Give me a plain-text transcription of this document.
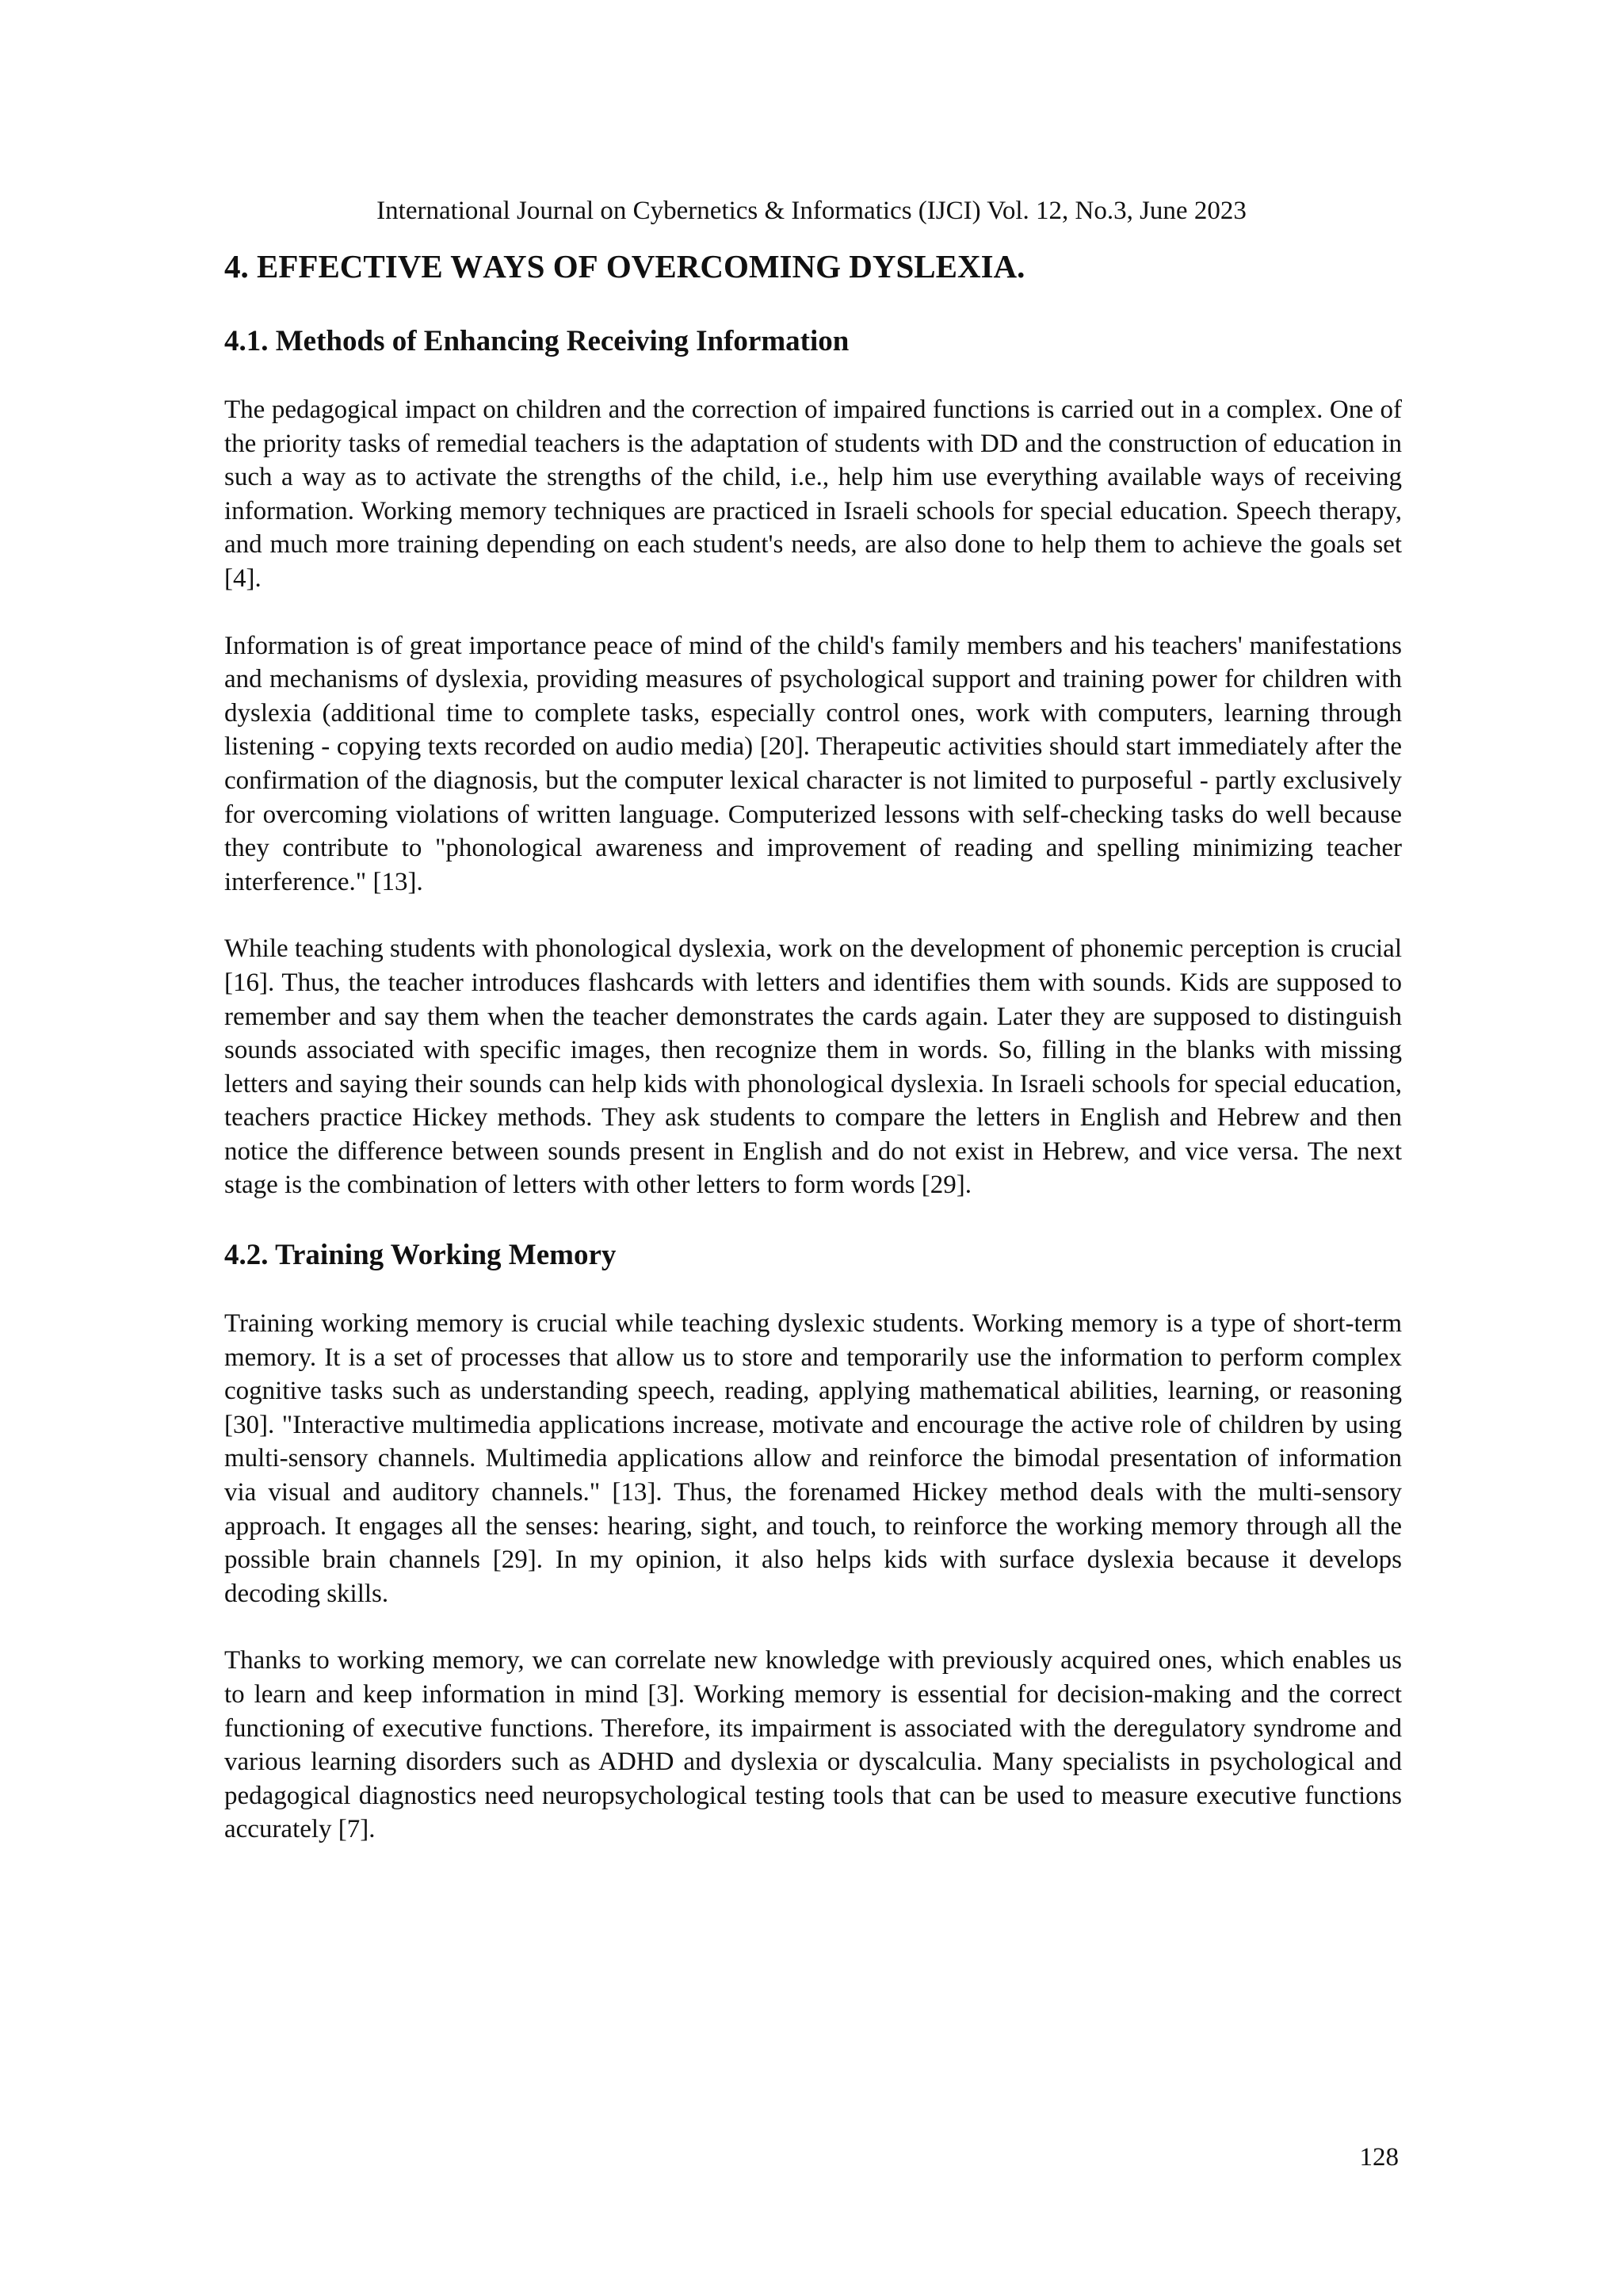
International Journal on Cybernetics & Informatics (IJCI) Vol. 12, No.3, June 2023
4. EFFECTIVE WAYS OF OVERCOMING DYSLEXIA.
4.1. Methods of Enhancing Receiving Information

The pedagogical impact on children and the correction of impaired functions is carried out in a complex. One of the priority tasks of remedial teachers is the adaptation of students with DD and the construction of education in such a way as to activate the strengths of the child, i.e., help him use everything available ways of receiving information. Working memory techniques are practiced in Israeli schools for special education. Speech therapy, and much more training depending on each student's needs, are also done to help them to achieve the goals set [4].

Information is of great importance peace of mind of the child's family members and his teachers' manifestations and mechanisms of dyslexia, providing measures of psychological support and training power for children with dyslexia (additional time to complete tasks, especially control ones, work with computers, learning through listening - copying texts recorded on audio media) [20]. Therapeutic activities should start immediately after the confirmation of the diagnosis, but the computer lexical character is not limited to purposeful - partly exclusively for overcoming violations of written language. Computerized lessons with self-checking tasks do well because they contribute to "phonological awareness and improvement of reading and spelling minimizing teacher interference." [13].

While teaching students with phonological dyslexia, work on the development of phonemic perception is crucial [16]. Thus, the teacher introduces flashcards with letters and identifies them with sounds. Kids are supposed to remember and say them when the teacher demonstrates the cards again. Later they are supposed to distinguish sounds associated with specific images, then recognize them in words. So, filling in the blanks with missing letters and saying their sounds can help kids with phonological dyslexia. In Israeli schools for special education, teachers practice Hickey methods. They ask students to compare the letters in English and Hebrew and then notice the difference between sounds present in English and do not exist in Hebrew, and vice versa. The next stage is the combination of letters with other letters to form words [29].

4.2. Training Working Memory

Training working memory is crucial while teaching dyslexic students. Working memory is a type of short-term memory. It is a set of processes that allow us to store and temporarily use the information to perform complex cognitive tasks such as understanding speech, reading, applying mathematical abilities, learning, or reasoning [30]. "Interactive multimedia applications increase, motivate and encourage the active role of children by using multi-sensory channels. Multimedia applications allow and reinforce the bimodal presentation of information via visual and auditory channels." [13]. Thus, the forenamed Hickey method deals with the multi-sensory approach. It engages all the senses: hearing, sight, and touch, to reinforce the working memory through all the possible brain channels [29]. In my opinion, it also helps kids with surface dyslexia because it develops decoding skills.

Thanks to working memory, we can correlate new knowledge with previously acquired ones, which enables us to learn and keep information in mind [3]. Working memory is essential for decision-making and the correct functioning of executive functions. Therefore, its impairment is associated with the deregulatory syndrome and various learning disorders such as ADHD and dyslexia or dyscalculia. Many specialists in psychological and pedagogical diagnostics need neuropsychological testing tools that can be used to measure executive functions accurately [7].

128
